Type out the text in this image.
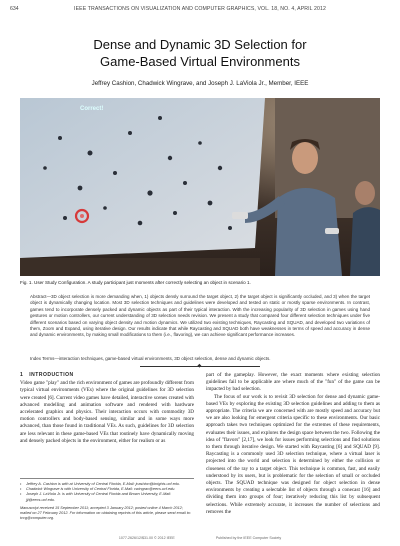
634	IEEE TRANSACTIONS ON VISUALIZATION AND COMPUTER GRAPHICS, VOL. 18, NO. 4, APRIL 2012
Dense and Dynamic 3D Selection for
Game-Based Virtual Environments
Jeffrey Cashion, Chadwick Wingrave, and Joseph J. LaViola Jr., Member, IEEE
Correct!
Fig. 1. User Study Configuration. A study participant just moments after correctly selecting an object in scenario 1.
Abstract—3D object selection is more demanding when, 1) objects densly surround the target object, 2) the target object is significantly occluded, and 3) when the target object is dynamically changing location. Most 3D selection techniques and guidelines were developed and tested on static or mostly sparse environments. In contrast, games tend to incorporate densely packed and dynamic objects as part of their typical interaction. With the increasing popularity of 3D selection in games using hand gestures or motion controllers, our current understanding of 3D selection needs revision. We present a study that compared four different selection techniques under five different scenarios based on varying object density and motion dynamics. We utilized two existing techniques, Raycasting and SQUAD, and developed two variations of them, Zoom and Expand, using iterative design. Our results indicate that while Raycasting and SQUAD both have weaknesses in terms of speed and accuracy in dense and dynamic environments, by making small modifications to them (i.e., flavoring), we can achieve significant performance increases.
Index Terms—interaction techniques, game-based virtual environments, 3D object selection, dense and dynamic objects.
◆
1 INTRODUCTION

Video game "play" and the rich environment of games are profoundly different from typical virtual environments (VEs) where the original guidelines for 3D selection were created [6]. Current video games have detailed, interactive scenes created with advanced modelling and animation software and rendered with hardware accelerated graphics and physics. Their interaction occurs with commodity 3D motion controllers and body-based sensing, similar and in some ways more advanced, than those found in traditional VEs. As such, guidelines for 3D selection are less relevant in these game-based VEs that routinely have dynamically moving and densely packed objects in the environment, either for realism or as

• Jeffrey A. Cashion is with at University of Central Florida, E-Mail: jcashion@knights.ucf.edu.
• Chadwick Wingrave is with University of Central Florida, E-Mail: cwingrav@eecs.ucf.edu.
• Joseph J. LaViola Jr. is with University of Central Florida and Brown University, E-Mail: jjl@eecs.ucf.edu.
Manuscript received 15 September 2011; accepted 3 January 2012; posted online 4 March 2012; mailed on 27 February 2012. For information on obtaining reprints of this article, please send email to: tvcg@computer.org.

part of the gameplay. However, the exact moments where existing selection guidelines fail to be applicable are where much of the "fun" of the game can be impacted by bad selection.

The focus of our work is to revisit 3D selection for dense and dynamic game-based VEs by exploring the existing 3D selection guidelines and adding to them as appropriate. The criteria we are concerned with are mostly speed and accuracy but we are also looking for emergent criteria specific to these environments. Our basic approach takes two techniques optimized for the extremes of these requirements, evaluates their issues, and explores the design space between the two. Following the idea of "flavors" [2,17], we look for issues performing selections and find solutions to them through iterative design. We started with Raycasting [6] and SQUAD [9]. Raycasting is a commonly used 3D selection technique, where a virtual laser is projected into the world and selection is determined by either the collision or closeness of the ray to a target object. This technique is common, fast, and easily understood by its users, but is problematic for the selection of small or occluded objects. The SQUAD technique was designed for object selection in dense environments by creating a selectable list of objects through a conecast [16] and dividing them into groups of four; iteratively reducing this list by subsequent selections. While extremely accurate, it increases the number of selections and removes the

1077-2626/12/$31.00 © 2012 IEEE	Published by the IEEE Computer Society
